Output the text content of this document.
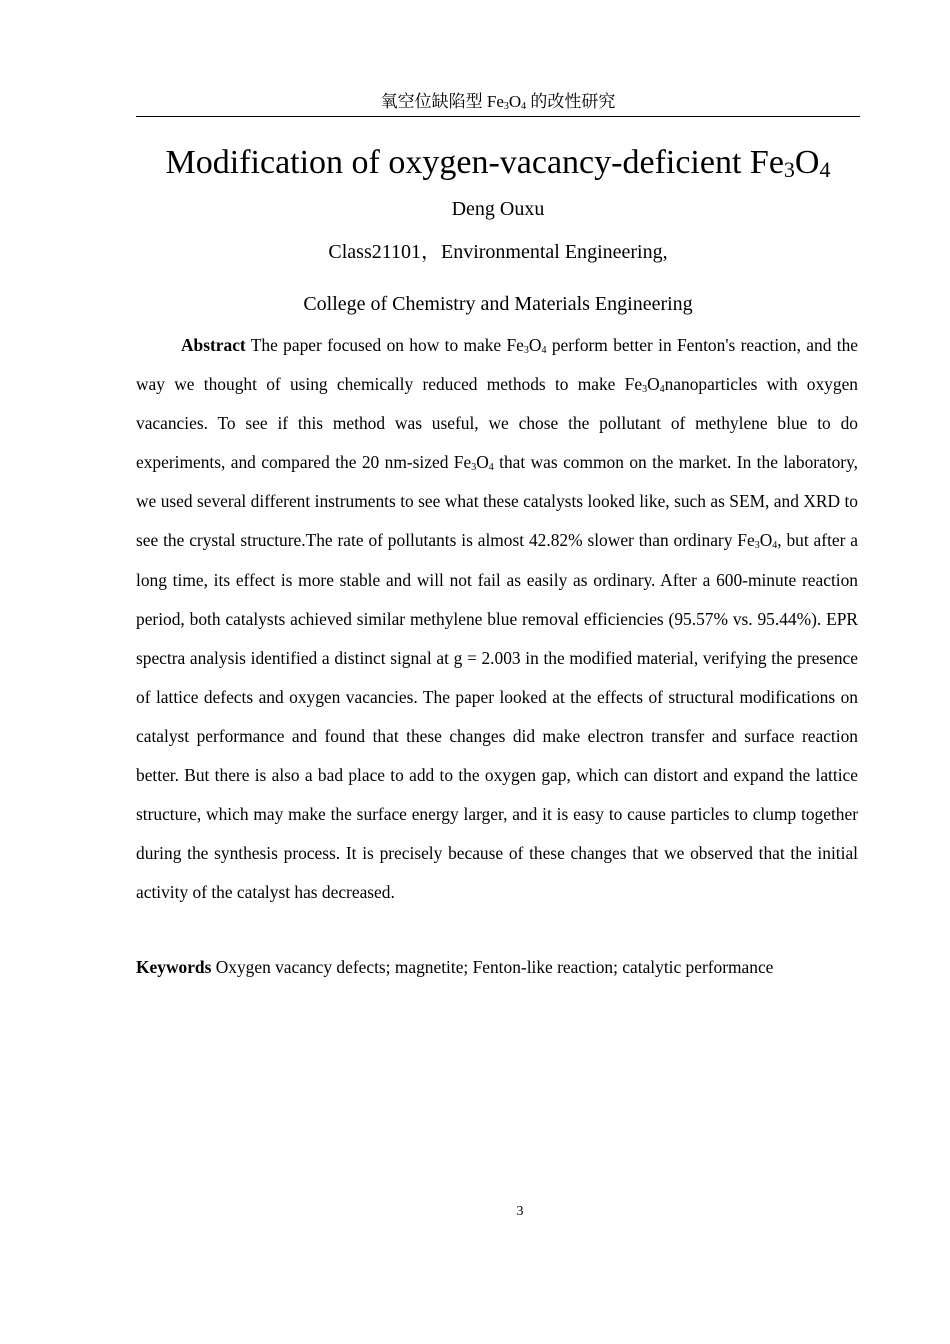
氧空位缺陷型 $Fe_3O_4$ 的改性研究
Modification of oxygen-vacancy-deficient $Fe_3O_4$
Deng Ouxu
Class21101，Environmental Engineering,
College of Chemistry and Materials Engineering

Abstract The paper focused on how to make $Fe_3O_4$ perform better in Fenton's reaction, and the way we thought of using chemically reduced methods to make $Fe_3O_4nanoparticles$ with oxygen vacancies. To see if this method was useful, we chose the pollutant of methylene blue to do experiments, and compared the 20 nm-sized $Fe_3O_4$ that was common on the market. In the laboratory, we used several different instruments to see what these catalysts looked like, such as SEM, and XRD to see the crystal structure.The rate of pollutants is almost 42.82% slower than ordinary $Fe_3O_4$, but after a long time, its effect is more stable and will not fail as easily as ordinary. After a 600-minute reaction period, both catalysts achieved similar methylene blue removal efficiencies (95.57% vs. 95.44%). EPR spectra analysis identified a distinct signal at g = 2.003 in the modified material, verifying the presence of lattice defects and oxygen vacancies. The paper looked at the effects of structural modifications on catalyst performance and found that these changes did make electron transfer and surface reaction better. But there is also a bad place to add to the oxygen gap, which can distort and expand the lattice structure, which may make the surface energy larger, and it is easy to cause particles to clump together during the synthesis process. It is precisely because of these changes that we observed that the initial activity of the catalyst has decreased.

Keywords Oxygen vacancy defects; magnetite; Fenton-like reaction; catalytic performance

3
